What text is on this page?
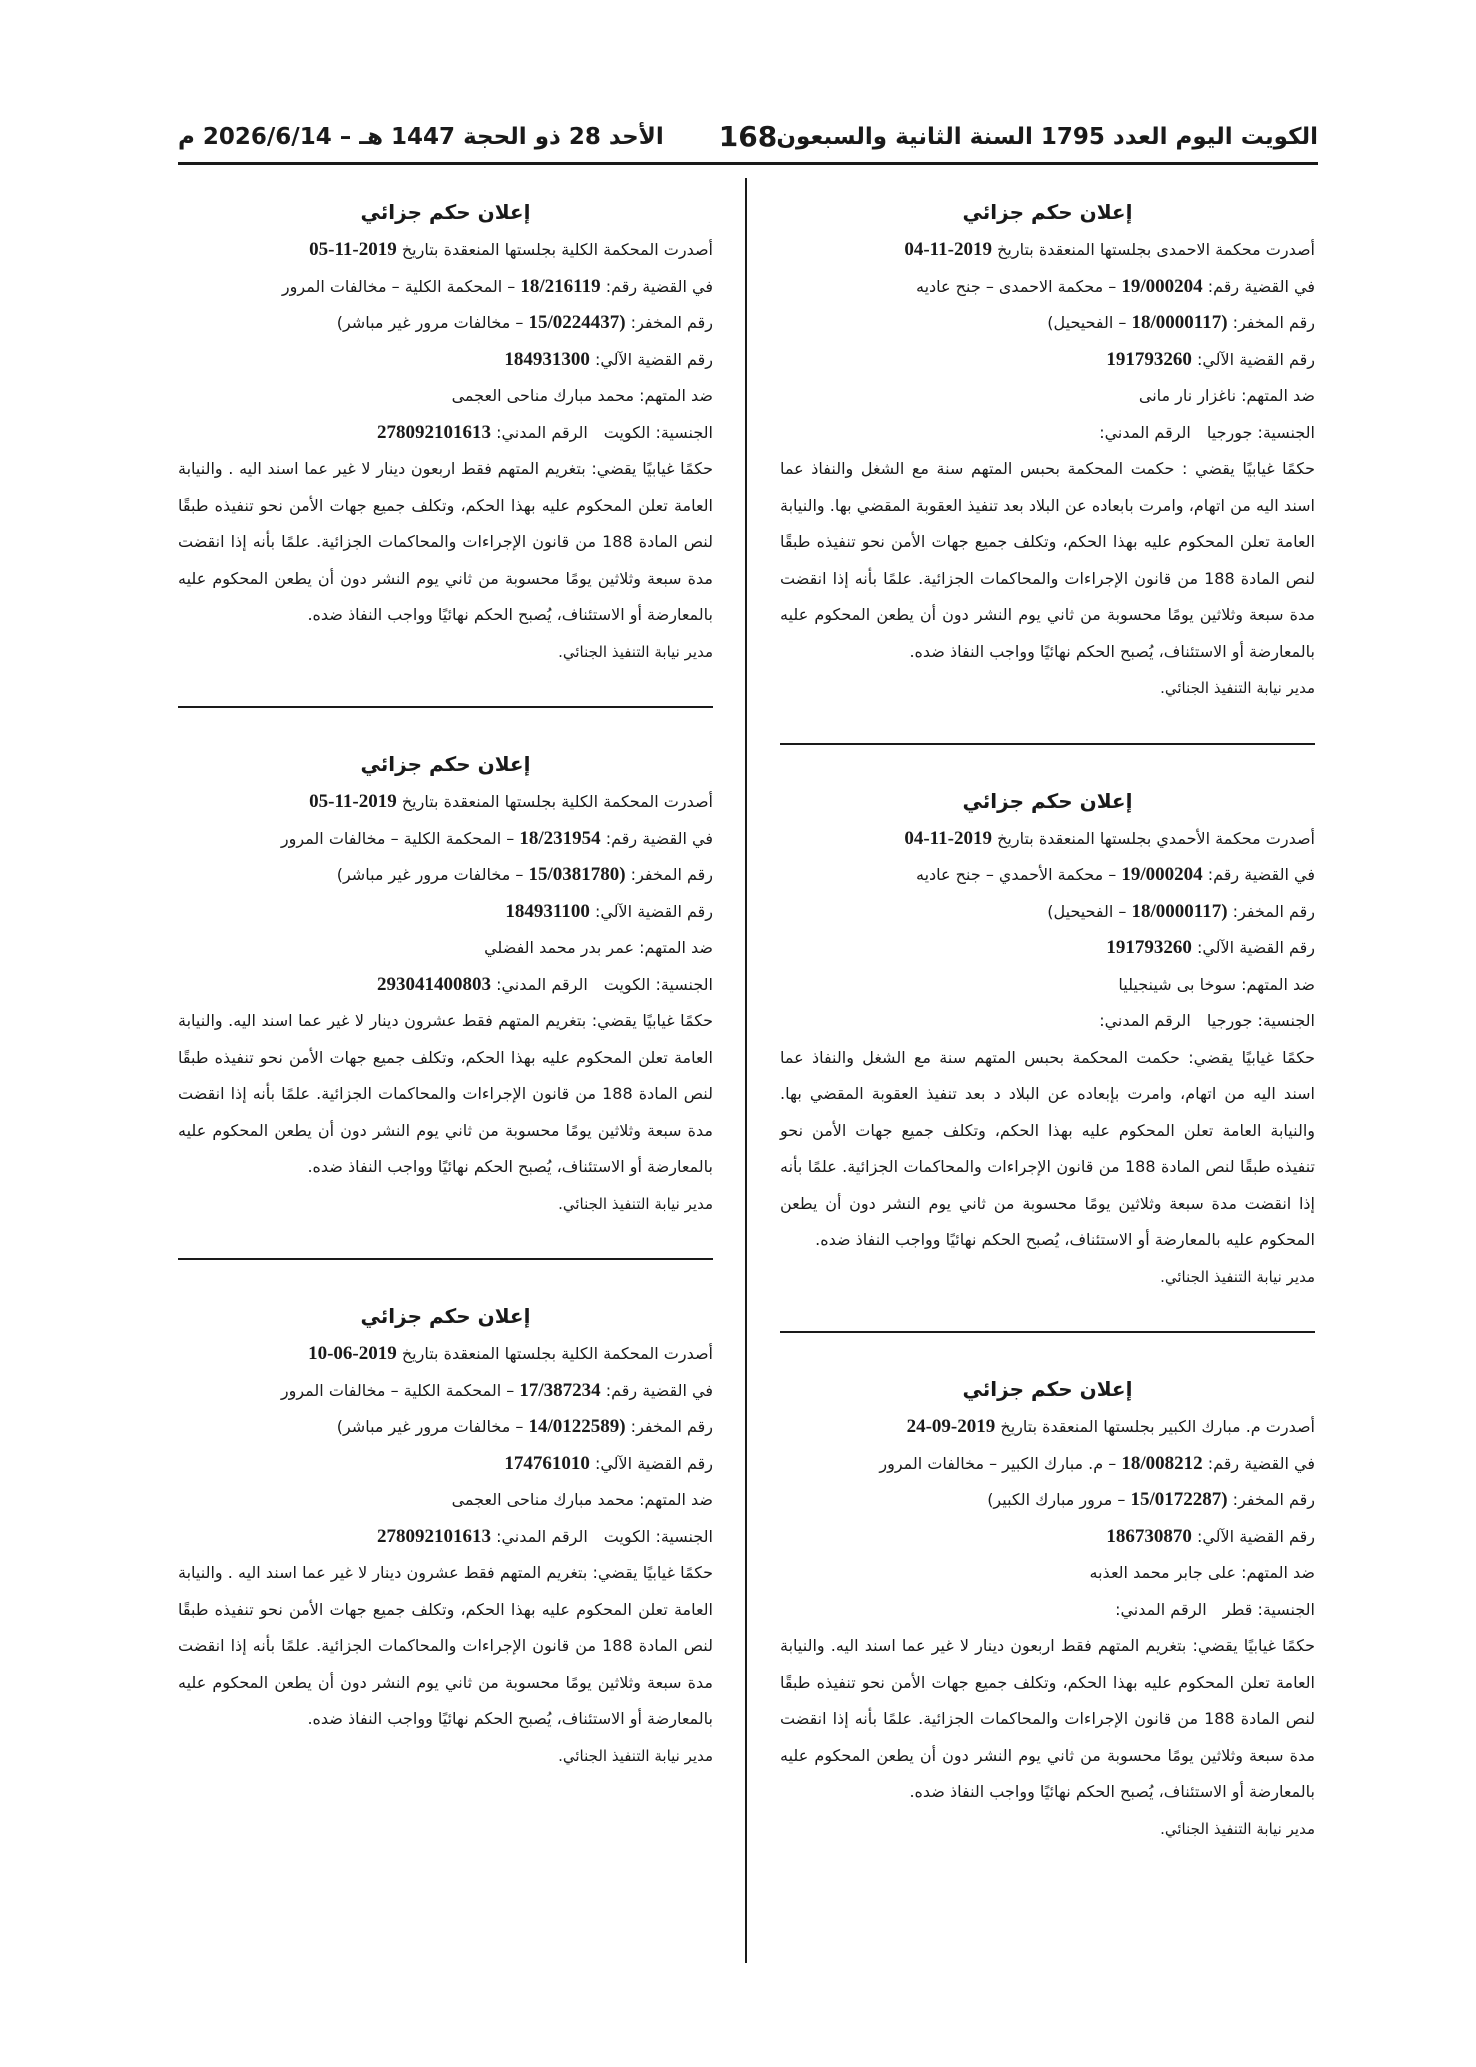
الكويت اليوم العدد 1795 السنة الثانية والسبعون
168
الأحد 28 ذو الحجة 1447 هـ – 2026/6/14 م
إعلان حكم جزائي
أصدرت محكمة الاحمدى بجلستها المنعقدة بتاريخ 04-11-2019
في القضية رقم: 19/000204 – محكمة الاحمدى – جنح عاديه
رقم المخفر: (18/0000117 – الفحيحيل)
رقم القضية الآلي: 191793260
ضد المتهم: ناغزار نار مانى
الجنسية: جورجياالرقم المدني:
حكمًا غيابيًا يقضي : حكمت المحكمة بحبس المتهم سنة مع الشغل والنفاذ عما اسند اليه من اتهام، وامرت بابعاده عن البلاد بعد تنفيذ العقوبة المقضي بها. والنيابة العامة تعلن المحكوم عليه بهذا الحكم، وتكلف جميع جهات الأمن نحو تنفيذه طبقًا لنص المادة 188 من قانون الإجراءات والمحاكمات الجزائية. علمًا بأنه إذا انقضت مدة سبعة وثلاثين يومًا محسوبة من ثاني يوم النشر دون أن يطعن المحكوم عليه بالمعارضة أو الاستئناف، يُصبح الحكم نهائيًا وواجب النفاذ ضده.
مدير نيابة التنفيذ الجنائي.
إعلان حكم جزائي
أصدرت محكمة الأحمدي بجلستها المنعقدة بتاريخ 04-11-2019
في القضية رقم: 19/000204 – محكمة الأحمدي – جنح عاديه
رقم المخفر: (18/0000117 – الفحيحيل)
رقم القضية الآلي: 191793260
ضد المتهم: سوخا بى شينجيليا
الجنسية: جورجياالرقم المدني:
حكمًا غيابيًا يقضي: حكمت المحكمة بحبس المتهم سنة مع الشغل والنفاذ عما اسند اليه من اتهام، وامرت بإبعاده عن البلاد د بعد تنفيذ العقوبة المقضي بها. والنيابة العامة تعلن المحكوم عليه بهذا الحكم، وتكلف جميع جهات الأمن نحو تنفيذه طبقًا لنص المادة 188 من قانون الإجراءات والمحاكمات الجزائية. علمًا بأنه إذا انقضت مدة سبعة وثلاثين يومًا محسوبة من ثاني يوم النشر دون أن يطعن المحكوم عليه بالمعارضة أو الاستئناف، يُصبح الحكم نهائيًا وواجب النفاذ ضده.
مدير نيابة التنفيذ الجنائي.
إعلان حكم جزائي
أصدرت م. مبارك الكبير بجلستها المنعقدة بتاريخ 24-09-2019
في القضية رقم: 18/008212 – م. مبارك الكبير – مخالفات المرور
رقم المخفر: (15/0172287 – مرور مبارك الكبير)
رقم القضية الآلي: 186730870
ضد المتهم: على جابر محمد العذبه
الجنسية: قطرالرقم المدني:
حكمًا غيابيًا يقضي: بتغريم المتهم فقط اربعون دينار لا غير عما اسند اليه. والنيابة العامة تعلن المحكوم عليه بهذا الحكم، وتكلف جميع جهات الأمن نحو تنفيذه طبقًا لنص المادة 188 من قانون الإجراءات والمحاكمات الجزائية. علمًا بأنه إذا انقضت مدة سبعة وثلاثين يومًا محسوبة من ثاني يوم النشر دون أن يطعن المحكوم عليه بالمعارضة أو الاستئناف، يُصبح الحكم نهائيًا وواجب النفاذ ضده.
مدير نيابة التنفيذ الجنائي.
إعلان حكم جزائي
أصدرت المحكمة الكلية بجلستها المنعقدة بتاريخ 05-11-2019
في القضية رقم: 18/216119 – المحكمة الكلية – مخالفات المرور
رقم المخفر: (15/0224437 – مخالفات مرور غير مباشر)
رقم القضية الآلي: 184931300
ضد المتهم: محمد مبارك مناحى العجمى
الجنسية: الكويتالرقم المدني: 278092101613
حكمًا غيابيًا يقضي: بتغريم المتهم فقط اربعون دينار لا غير عما اسند اليه . والنيابة العامة تعلن المحكوم عليه بهذا الحكم، وتكلف جميع جهات الأمن نحو تنفيذه طبقًا لنص المادة 188 من قانون الإجراءات والمحاكمات الجزائية. علمًا بأنه إذا انقضت مدة سبعة وثلاثين يومًا محسوبة من ثاني يوم النشر دون أن يطعن المحكوم عليه بالمعارضة أو الاستئناف، يُصبح الحكم نهائيًا وواجب النفاذ ضده.
مدير نيابة التنفيذ الجنائي.
إعلان حكم جزائي
أصدرت المحكمة الكلية بجلستها المنعقدة بتاريخ 05-11-2019
في القضية رقم: 18/231954 – المحكمة الكلية – مخالفات المرور
رقم المخفر: (15/0381780 – مخالفات مرور غير مباشر)
رقم القضية الآلي: 184931100
ضد المتهم: عمر بدر محمد الفضلي
الجنسية: الكويتالرقم المدني: 293041400803
حكمًا غيابيًا يقضي: بتغريم المتهم فقط عشرون دينار لا غير عما اسند اليه. والنيابة العامة تعلن المحكوم عليه بهذا الحكم، وتكلف جميع جهات الأمن نحو تنفيذه طبقًا لنص المادة 188 من قانون الإجراءات والمحاكمات الجزائية. علمًا بأنه إذا انقضت مدة سبعة وثلاثين يومًا محسوبة من ثاني يوم النشر دون أن يطعن المحكوم عليه بالمعارضة أو الاستئناف، يُصبح الحكم نهائيًا وواجب النفاذ ضده.
مدير نيابة التنفيذ الجنائي.
إعلان حكم جزائي
أصدرت المحكمة الكلية بجلستها المنعقدة بتاريخ 10-06-2019
في القضية رقم: 17/387234 – المحكمة الكلية – مخالفات المرور
رقم المخفر: (14/0122589 – مخالفات مرور غير مباشر)
رقم القضية الآلي: 174761010
ضد المتهم: محمد مبارك مناحى العجمى
الجنسية: الكويتالرقم المدني: 278092101613
حكمًا غيابيًا يقضي: بتغريم المتهم فقط عشرون دينار لا غير عما اسند اليه . والنيابة العامة تعلن المحكوم عليه بهذا الحكم، وتكلف جميع جهات الأمن نحو تنفيذه طبقًا لنص المادة 188 من قانون الإجراءات والمحاكمات الجزائية. علمًا بأنه إذا انقضت مدة سبعة وثلاثين يومًا محسوبة من ثاني يوم النشر دون أن يطعن المحكوم عليه بالمعارضة أو الاستئناف، يُصبح الحكم نهائيًا وواجب النفاذ ضده.
مدير نيابة التنفيذ الجنائي.
